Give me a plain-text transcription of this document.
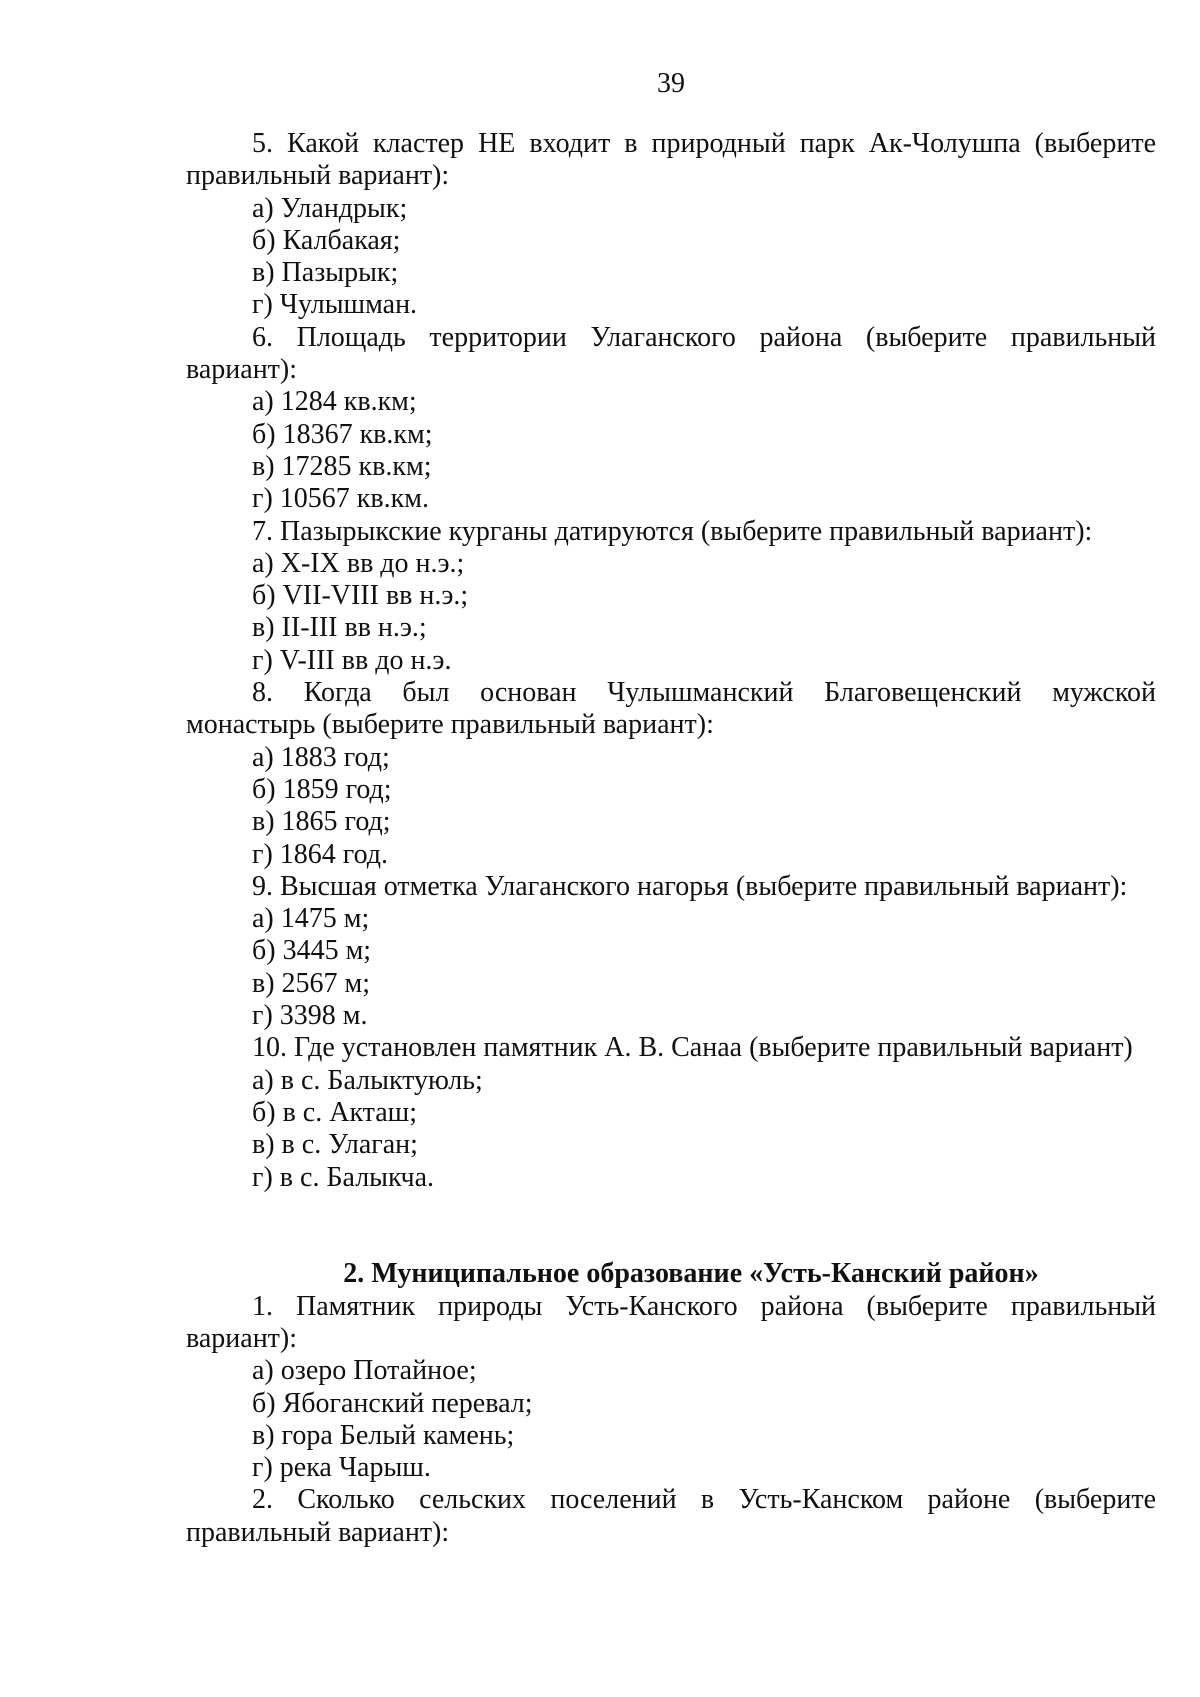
39
5. Какой кластер НЕ входит в природный парк Ак-Чолушпа (выберите
правильный вариант):
а) Уландрык;
б) Калбакая;
в) Пазырык;
г) Чулышман.
6. Площадь территории Улаганского района (выберите правильный
вариант):
а) 1284 кв.км;
б) 18367 кв.км;
в) 17285 кв.км;
г) 10567 кв.км.
7. Пазырыкские курганы датируются (выберите правильный вариант):
а) X-IX вв до н.э.;
б) VII-VIII вв н.э.;
в) II-III вв н.э.;
г) V-III вв до н.э.
8. Когда был основан Чулышманский Благовещенский мужской
монастырь (выберите правильный вариант):
а) 1883 год;
б) 1859 год;
в) 1865 год;
г) 1864 год.
9. Высшая отметка Улаганского нагорья (выберите правильный вариант):
а) 1475 м;
б) 3445 м;
в) 2567 м;
г) 3398 м.
10. Где установлен памятник А. В. Санаа (выберите правильный вариант)
а) в с. Балыктуюль;
б) в с. Акташ;
в) в с. Улаган;
г) в с. Балыкча.
2. Муниципальное образование «Усть-Канский район»
1. Памятник природы Усть-Канского района (выберите правильный
вариант):
а) озеро Потайное;
б) Ябоганский перевал;
в) гора Белый камень;
г) река Чарыш.
2. Сколько сельских поселений в Усть-Канском районе (выберите
правильный вариант):
